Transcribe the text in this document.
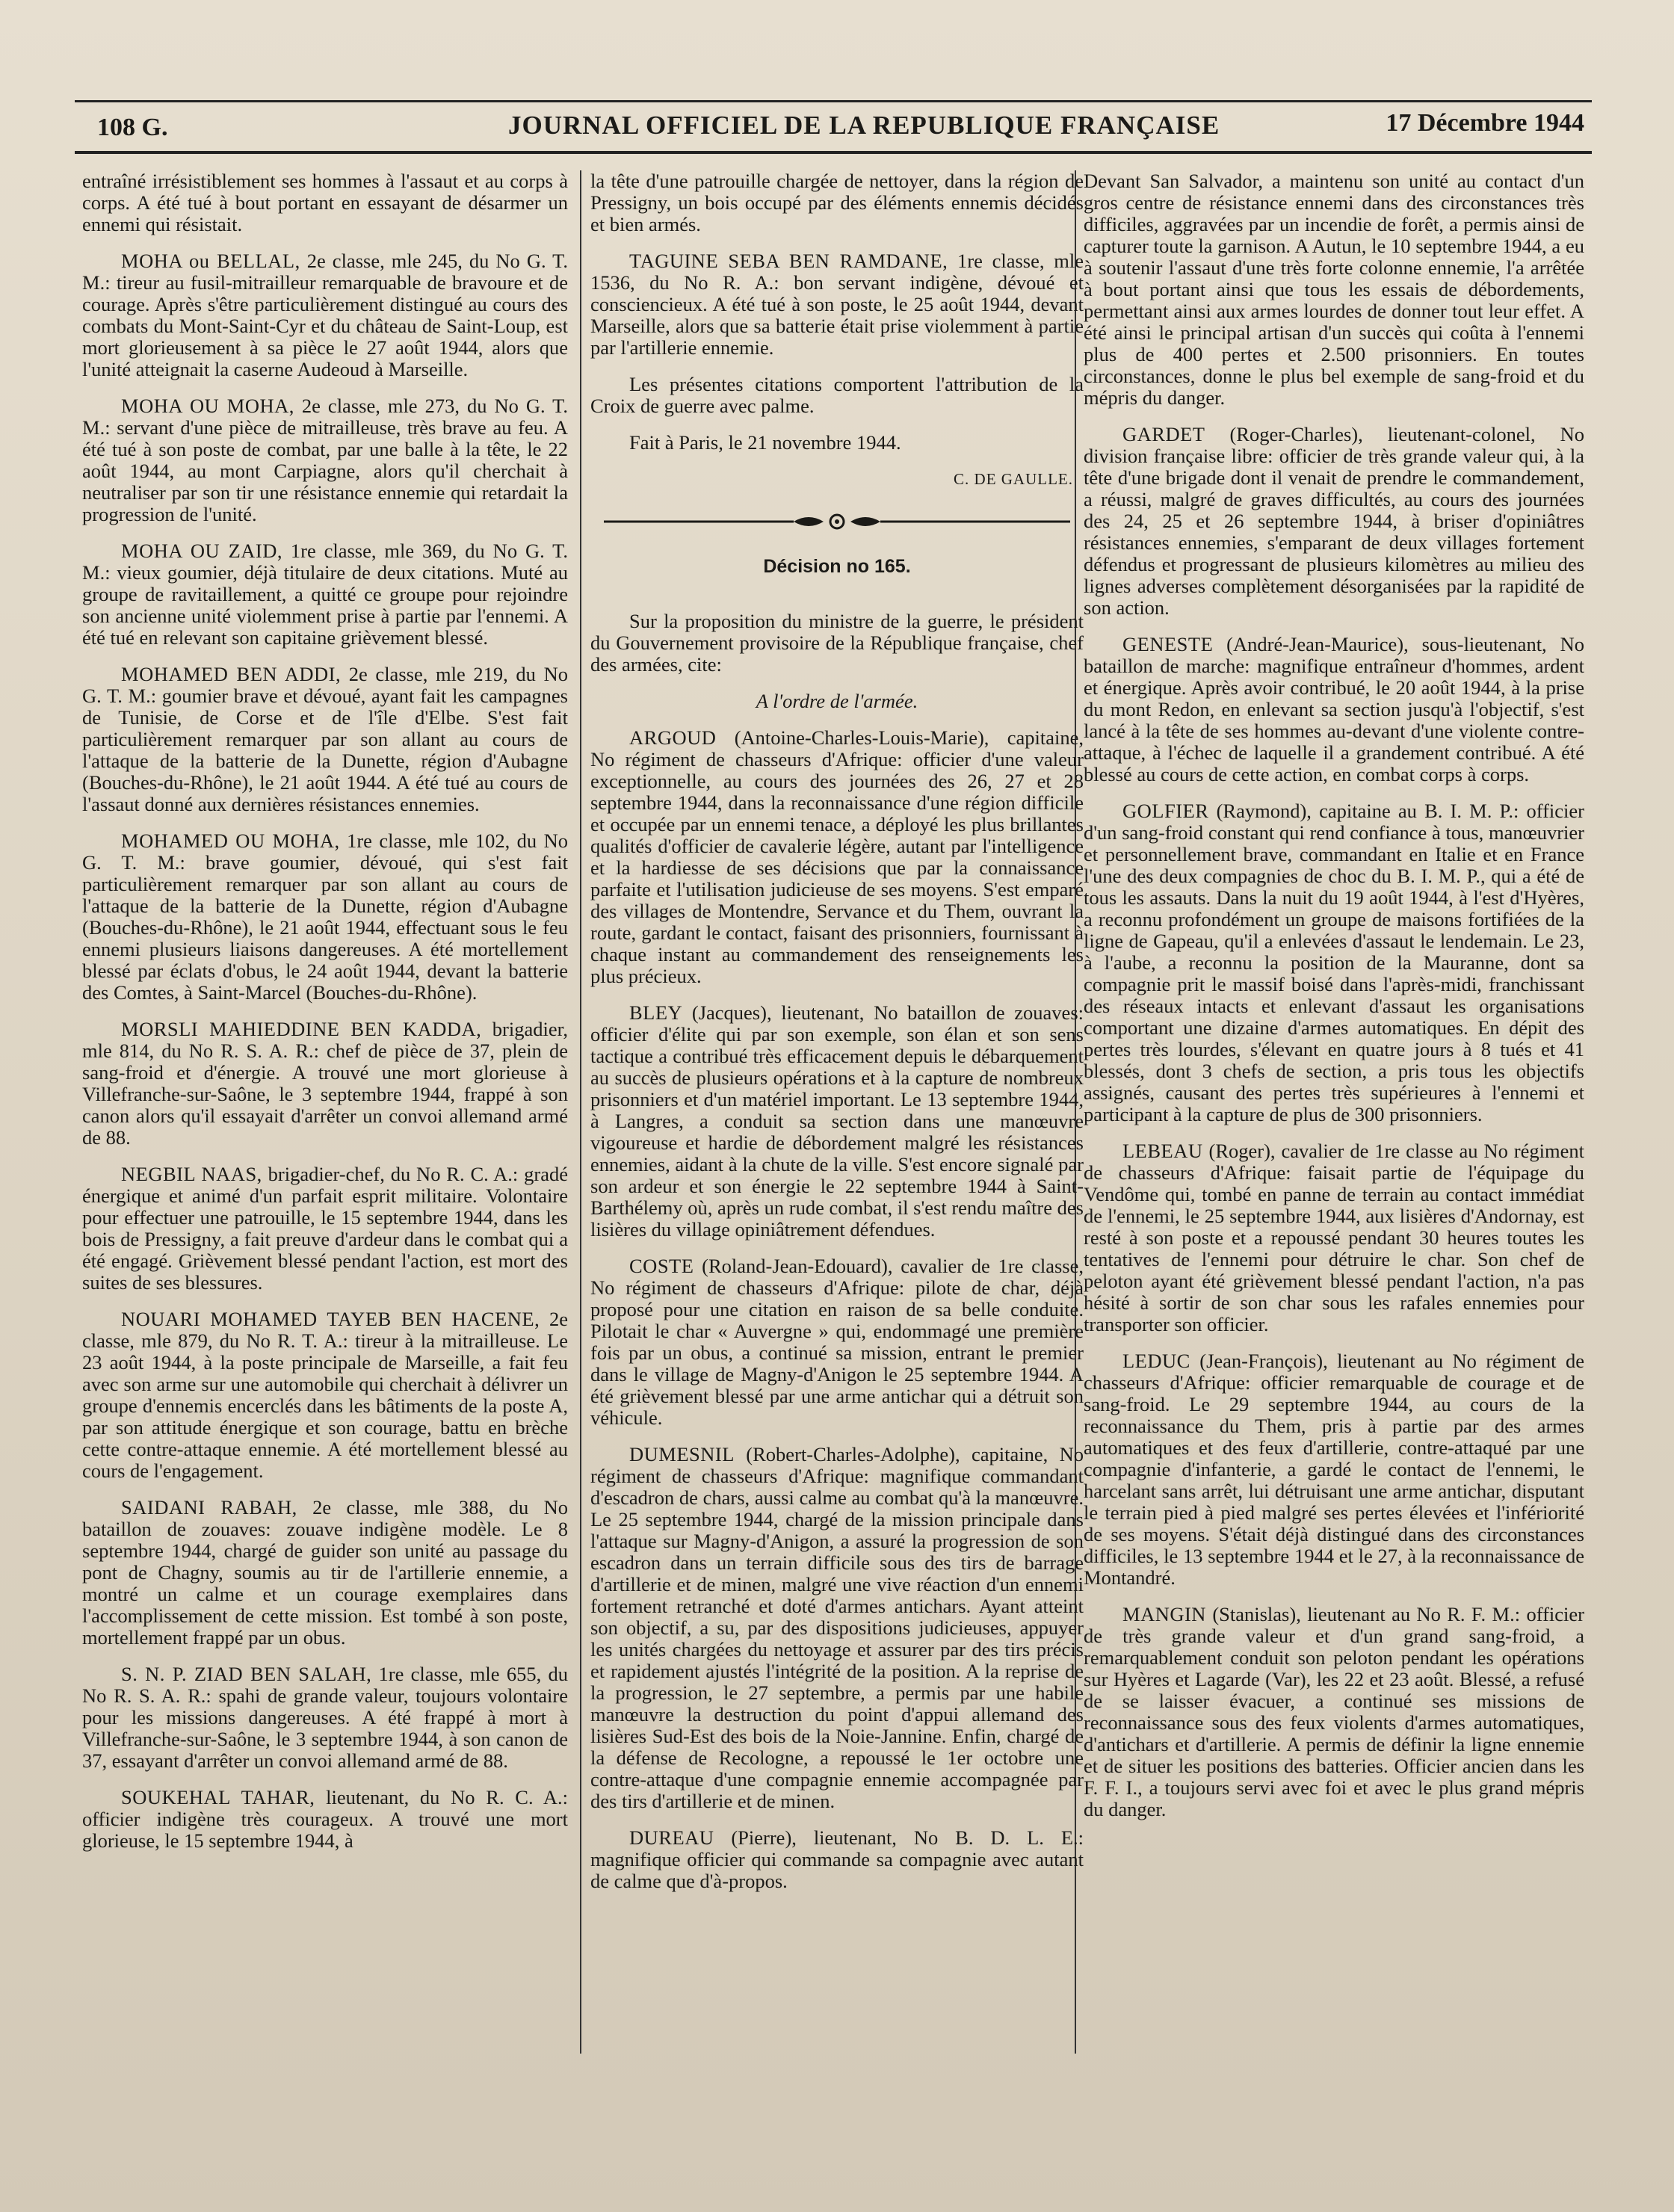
108 G.	JOURNAL OFFICIEL DE LA REPUBLIQUE FRANÇAISE	17 Décembre 1944

entraîné irrésistiblement ses hommes à l'assaut et au corps à corps. A été tué à bout portant en essayant de désarmer un ennemi qui résistait.

MOHA ou BELLAL, 2e classe, mle 245, du No G. T. M.: tireur au fusil-mitrailleur remarquable de bravoure et de courage. Après s'être particulièrement distingué au cours des combats du Mont-Saint-Cyr et du château de Saint-Loup, est mort glorieusement à sa pièce le 27 août 1944, alors que l'unité atteignait la caserne Audeoud à Marseille.

MOHA OU MOHA, 2e classe, mle 273, du No G. T. M.: servant d'une pièce de mitrailleuse, très brave au feu. A été tué à son poste de combat, par une balle à la tête, le 22 août 1944, au mont Carpiagne, alors qu'il cherchait à neutraliser par son tir une résistance ennemie qui retardait la progression de l'unité.

MOHA OU ZAID, 1re classe, mle 369, du No G. T. M.: vieux goumier, déjà titulaire de deux citations. Muté au groupe de ravitaillement, a quitté ce groupe pour rejoindre son ancienne unité violemment prise à partie par l'ennemi. A été tué en relevant son capitaine grièvement blessé.

MOHAMED BEN ADDI, 2e classe, mle 219, du No G. T. M.: goumier brave et dévoué, ayant fait les campagnes de Tunisie, de Corse et de l'île d'Elbe. S'est fait particulièrement remarquer par son allant au cours de l'attaque de la batterie de la Dunette, région d'Aubagne (Bouches-du-Rhône), le 21 août 1944. A été tué au cours de l'assaut donné aux dernières résistances ennemies.

MOHAMED OU MOHA, 1re classe, mle 102, du No G. T. M.: brave goumier, dévoué, qui s'est fait particulièrement remarquer par son allant au cours de l'attaque de la batterie de la Dunette, région d'Aubagne (Bouches-du-Rhône), le 21 août 1944, effectuant sous le feu ennemi plusieurs liaisons dangereuses. A été mortellement blessé par éclats d'obus, le 24 août 1944, devant la batterie des Comtes, à Saint-Marcel (Bouches-du-Rhône).

MORSLI MAHIEDDINE BEN KADDA, brigadier, mle 814, du No R. S. A. R.: chef de pièce de 37, plein de sang-froid et d'énergie. A trouvé une mort glorieuse à Villefranche-sur-Saône, le 3 septembre 1944, frappé à son canon alors qu'il essayait d'arrêter un convoi allemand armé de 88.

NEGBIL NAAS, brigadier-chef, du No R. C. A.: gradé énergique et animé d'un parfait esprit militaire. Volontaire pour effectuer une patrouille, le 15 septembre 1944, dans les bois de Pressigny, a fait preuve d'ardeur dans le combat qui a été engagé. Grièvement blessé pendant l'action, est mort des suites de ses blessures.

NOUARI MOHAMED TAYEB BEN HACENE, 2e classe, mle 879, du No R. T. A.: tireur à la mitrailleuse. Le 23 août 1944, à la poste principale de Marseille, a fait feu avec son arme sur une automobile qui cherchait à délivrer un groupe d'ennemis encerclés dans les bâtiments de la poste A, par son attitude énergique et son courage, battu en brèche cette contre-attaque ennemie. A été mortellement blessé au cours de l'engagement.

SAIDANI RABAH, 2e classe, mle 388, du No bataillon de zouaves: zouave indigène modèle. Le 8 septembre 1944, chargé de guider son unité au passage du pont de Chagny, soumis au tir de l'artillerie ennemie, a montré un calme et un courage exemplaires dans l'accomplissement de cette mission. Est tombé à son poste, mortellement frappé par un obus.

S. N. P. ZIAD BEN SALAH, 1re classe, mle 655, du No R. S. A. R.: spahi de grande valeur, toujours volontaire pour les missions dangereuses. A été frappé à mort à Villefranche-sur-Saône, le 3 septembre 1944, à son canon de 37, essayant d'arrêter un convoi allemand armé de 88.

SOUKEHAL TAHAR, lieutenant, du No R. C. A.: officier indigène très courageux. A trouvé une mort glorieuse, le 15 septembre 1944, à

la tête d'une patrouille chargée de nettoyer, dans la région de Pressigny, un bois occupé par des éléments ennemis décidés et bien armés.

TAGUINE SEBA BEN RAMDANE, 1re classe, mle 1536, du No R. A.: bon servant indigène, dévoué et consciencieux. A été tué à son poste, le 25 août 1944, devant Marseille, alors que sa batterie était prise violemment à partie par l'artillerie ennemie.

Les présentes citations comportent l'attribution de la Croix de guerre avec palme.

Fait à Paris, le 21 novembre 1944.

C. DE GAULLE.
Décision no 165.
Sur la proposition du ministre de la guerre, le président du Gouvernement provisoire de la République française, chef des armées, cite:
A l'ordre de l'armée.

ARGOUD (Antoine-Charles-Louis-Marie), capitaine, No régiment de chasseurs d'Afrique: officier d'une valeur exceptionnelle, au cours des journées des 26, 27 et 28 septembre 1944, dans la reconnaissance d'une région difficile et occupée par un ennemi tenace, a déployé les plus brillantes qualités d'officier de cavalerie légère, autant par l'intelligence et la hardiesse de ses décisions que par la connaissance parfaite et l'utilisation judicieuse de ses moyens. S'est emparé des villages de Montendre, Servance et du Them, ouvrant la route, gardant le contact, faisant des prisonniers, fournissant à chaque instant au commandement des renseignements les plus précieux.

BLEY (Jacques), lieutenant, No bataillon de zouaves: officier d'élite qui par son exemple, son élan et son sens tactique a contribué très efficacement depuis le débarquement au succès de plusieurs opérations et à la capture de nombreux prisonniers et d'un matériel important. Le 13 septembre 1944, à Langres, a conduit sa section dans une manœuvre vigoureuse et hardie de débordement malgré les résistances ennemies, aidant à la chute de la ville. S'est encore signalé par son ardeur et son énergie le 22 septembre 1944 à Saint-Barthélemy où, après un rude combat, il s'est rendu maître des lisières du village opiniâtrement défendues.

COSTE (Roland-Jean-Edouard), cavalier de 1re classe, No régiment de chasseurs d'Afrique: pilote de char, déjà proposé pour une citation en raison de sa belle conduite. Pilotait le char « Auvergne » qui, endommagé une première fois par un obus, a continué sa mission, entrant le premier dans le village de Magny-d'Anigon le 25 septembre 1944. A été grièvement blessé par une arme antichar qui a détruit son véhicule.

DUMESNIL (Robert-Charles-Adolphe), capitaine, No régiment de chasseurs d'Afrique: magnifique commandant d'escadron de chars, aussi calme au combat qu'à la manœuvre. Le 25 septembre 1944, chargé de la mission principale dans l'attaque sur Magny-d'Anigon, a assuré la progression de son escadron dans un terrain difficile sous des tirs de barrage d'artillerie et de minen, malgré une vive réaction d'un ennemi fortement retranché et doté d'armes antichars. Ayant atteint son objectif, a su, par des dispositions judicieuses, appuyer les unités chargées du nettoyage et assurer par des tirs précis et rapidement ajustés l'intégrité de la position. A la reprise de la progression, le 27 septembre, a permis par une habile manœuvre la destruction du point d'appui allemand des lisières Sud-Est des bois de la Noie-Jannine. Enfin, chargé de la défense de Recologne, a repoussé le 1er octobre une contre-attaque d'une compagnie ennemie accompagnée par des tirs d'artillerie et de minen.

DUREAU (Pierre), lieutenant, No B. D. L. E.: magnifique officier qui commande sa compagnie avec autant de calme que d'à-propos.

Devant San Salvador, a maintenu son unité au contact d'un gros centre de résistance ennemi dans des circonstances très difficiles, aggravées par un incendie de forêt, a permis ainsi de capturer toute la garnison. A Autun, le 10 septembre 1944, a eu à soutenir l'assaut d'une très forte colonne ennemie, l'a arrêtée à bout portant ainsi que tous les essais de débordements, permettant ainsi aux armes lourdes de donner tout leur effet. A été ainsi le principal artisan d'un succès qui coûta à l'ennemi plus de 400 pertes et 2.500 prisonniers. En toutes circonstances, donne le plus bel exemple de sang-froid et du mépris du danger.

GARDET (Roger-Charles), lieutenant-colonel, No division française libre: officier de très grande valeur qui, à la tête d'une brigade dont il venait de prendre le commandement, a réussi, malgré de graves difficultés, au cours des journées des 24, 25 et 26 septembre 1944, à briser d'opiniâtres résistances ennemies, s'emparant de deux villages fortement défendus et progressant de plusieurs kilomètres au milieu des lignes adverses complètement désorganisées par la rapidité de son action.

GENESTE (André-Jean-Maurice), sous-lieutenant, No bataillon de marche: magnifique entraîneur d'hommes, ardent et énergique. Après avoir contribué, le 20 août 1944, à la prise du mont Redon, en enlevant sa section jusqu'à l'objectif, s'est lancé à la tête de ses hommes au-devant d'une violente contre-attaque, à l'échec de laquelle il a grandement contribué. A été blessé au cours de cette action, en combat corps à corps.

GOLFIER (Raymond), capitaine au B. I. M. P.: officier d'un sang-froid constant qui rend confiance à tous, manœuvrier et personnellement brave, commandant en Italie et en France l'une des deux compagnies de choc du B. I. M. P., qui a été de tous les assauts. Dans la nuit du 19 août 1944, à l'est d'Hyères, a reconnu profondément un groupe de maisons fortifiées de la ligne de Gapeau, qu'il a enlevées d'assaut le lendemain. Le 23, à l'aube, a reconnu la position de la Mauranne, dont sa compagnie prit le massif boisé dans l'après-midi, franchissant des réseaux intacts et enlevant d'assaut les organisations comportant une dizaine d'armes automatiques. En dépit des pertes très lourdes, s'élevant en quatre jours à 8 tués et 41 blessés, dont 3 chefs de section, a pris tous les objectifs assignés, causant des pertes très supérieures à l'ennemi et participant à la capture de plus de 300 prisonniers.

LEBEAU (Roger), cavalier de 1re classe au No régiment de chasseurs d'Afrique: faisait partie de l'équipage du Vendôme qui, tombé en panne de terrain au contact immédiat de l'ennemi, le 25 septembre 1944, aux lisières d'Andornay, est resté à son poste et a repoussé pendant 30 heures toutes les tentatives de l'ennemi pour détruire le char. Son chef de peloton ayant été grièvement blessé pendant l'action, n'a pas hésité à sortir de son char sous les rafales ennemies pour transporter son officier.

LEDUC (Jean-François), lieutenant au No régiment de chasseurs d'Afrique: officier remarquable de courage et de sang-froid. Le 29 septembre 1944, au cours de la reconnaissance du Them, pris à partie par des armes automatiques et des feux d'artillerie, contre-attaqué par une compagnie d'infanterie, a gardé le contact de l'ennemi, le harcelant sans arrêt, lui détruisant une arme antichar, disputant le terrain pied à pied malgré ses pertes élevées et l'infériorité de ses moyens. S'était déjà distingué dans des circonstances difficiles, le 13 septembre 1944 et le 27, à la reconnaissance de Montandré.

MANGIN (Stanislas), lieutenant au No R. F. M.: officier de très grande valeur et d'un grand sang-froid, a remarquablement conduit son peloton pendant les opérations sur Hyères et Lagarde (Var), les 22 et 23 août. Blessé, a refusé de se laisser évacuer, a continué ses missions de reconnaissance sous des feux violents d'armes automatiques, d'antichars et d'artillerie. A permis de définir la ligne ennemie et de situer les positions des batteries. Officier ancien dans les F. F. I., a toujours servi avec foi et avec le plus grand mépris du danger.
